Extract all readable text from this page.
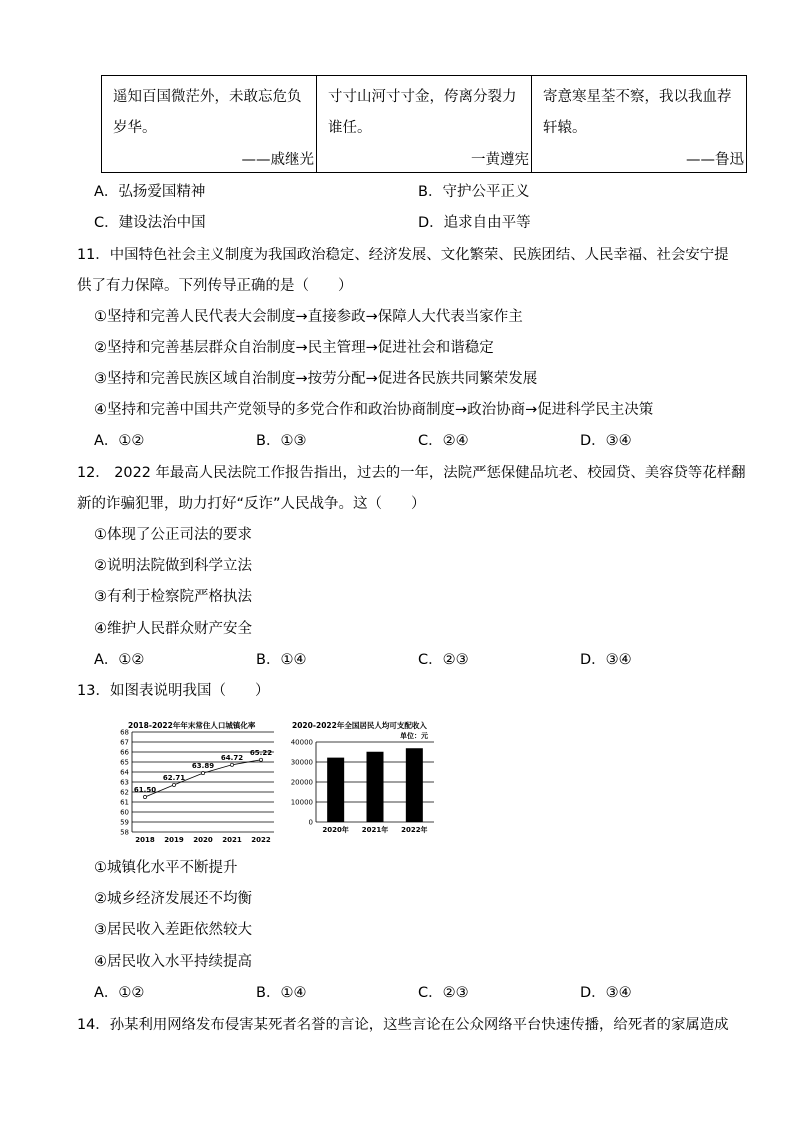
遥知百国微茫外，未敢忘危负
岁华。
——戚继光

寸寸山河寸寸金，侉离分裂力
谁任。
一黄遵宪

寄意寒星荃不察，我以我血荐
轩辕。
——鲁迅
A．弘扬爱国精神	B．守护公平正义
C．建设法治中国	D．追求自由平等
11．中国特色社会主义制度为我国政治稳定、经济发展、文化繁荣、民族团结、人民幸福、社会安宁提
供了有力保障。下列传导正确的是（　　）
①坚持和完善人民代表大会制度→直接参政→保障人大代表当家作主
②坚持和完善基层群众自治制度→民主管理→促进社会和谐稳定
③坚持和完善民族区域自治制度→按劳分配→促进各民族共同繁荣发展
④坚持和完善中国共产党领导的多党合作和政治协商制度→政治协商→促进科学民主决策
A．①②	B．①③	C．②④	D．③④
12． 2022 年最高人民法院工作报告指出，过去的一年，法院严惩保健品坑老、校园贷、美容贷等花样翻
新的诈骗犯罪，助力打好“反诈”人民战争。这（　　）
①体现了公正司法的要求
②说明法院做到科学立法
③有利于检察院严格执法
④维护人民群众财产安全
A．①②	B．①④	C．②③	D．③④
13．如图表说明我国（　　）
2018-2022年年末常住人口城镇化率
68
67
66
65
64
63
62
61
60
59
58
61.50
2018
62.71
2019
63.89
2020
64.72
2021
65.22
2022
2020-2022年全国居民人均可支配收入
单位：元
40000
30000
20000
10000
0
2020年 2021年 2022年
①城镇化水平不断提升
②城乡经济发展还不均衡
③居民收入差距依然较大
④居民收入水平持续提高
A．①②	B．①④	C．②③	D．③④
14．孙某利用网络发布侵害某死者名誉的言论，这些言论在公众网络平台快速传播，给死者的家属造成
